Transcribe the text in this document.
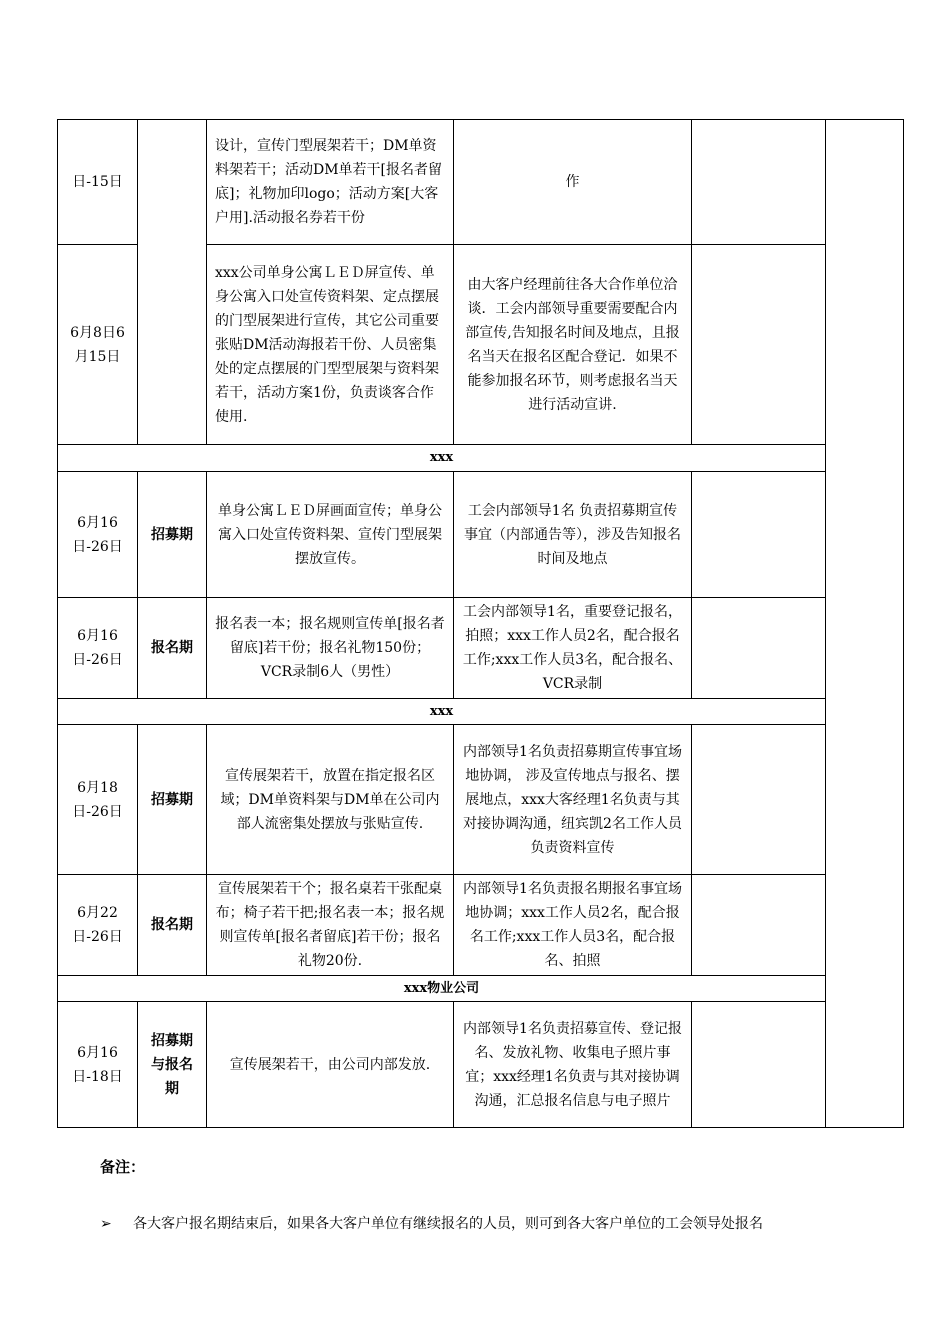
日-15日		设计，宣传门型展架若干；DM单资料架若干；活动DM单若干[报名者留底]；礼物加印logo；活动方案[大客户用].活动报名券若干份	作		
6月8日6月15日		xxx公司单身公寓ＬＥＤ屏宣传、单身公寓入口处宣传资料架、定点摆展的门型展架进行宣传，其它公司重要张贴DM活动海报若干份、人员密集处的定点摆展的门型型展架与资料架若干，活动方案1份，负责谈客合作使用.	由大客户经理前往各大合作单位洽谈．工会内部领导重要需要配合内部宣传,告知报名时间及地点，且报名当天在报名区配合登记．如果不能参加报名环节，则考虑报名当天进行活动宣讲.		
xxx					
6月16日-26日	招募期	单身公寓ＬＥＤ屏画面宣传；单身公寓入口处宣传资料架、宣传门型展架摆放宣传。	工会内部领导1名 负责招募期宣传事宜（内部通告等），涉及告知报名时间及地点		
6月16日-26日	报名期	报名表一本；报名规则宣传单[报名者留底]若干份；报名礼物150份；VCR录制6人（男性）	工会内部领导1名，重要登记报名，拍照；xxx工作人员2名，配合报名工作;xxx工作人员3名，配合报名、VCR录制		
xxx					
6月18日-26日	招募期	宣传展架若干，放置在指定报名区域；DM单资料架与DM单在公司内部人流密集处摆放与张贴宣传.	内部领导1名负责招募期宣传事宜场地协调， 涉及宣传地点与报名、摆展地点，xxx大客经理1名负责与其对接协调沟通，纽宾凯2名工作人员负责资料宣传		
6月22日-26日	报名期	宣传展架若干个；报名桌若干张配桌布；椅子若干把;报名表一本；报名规则宣传单[报名者留底]若干份；报名礼物20份.	内部领导1名负责报名期报名事宜场地协调；xxx工作人员2名，配合报名工作;xxx工作人员3名，配合报名、拍照		
xxx物业公司					
6月16日-18日	招募期与报名期	宣传展架若干，由公司内部发放.	内部领导1名负责招募宣传、登记报名、发放礼物、收集电子照片事宜；xxx经理1名负责与其对接协调沟通，汇总报名信息与电子照片		
备注：
➢ 各大客户报名期结束后，如果各大客户单位有继续报名的人员，则可到各大客户单位的工会领导处报名
